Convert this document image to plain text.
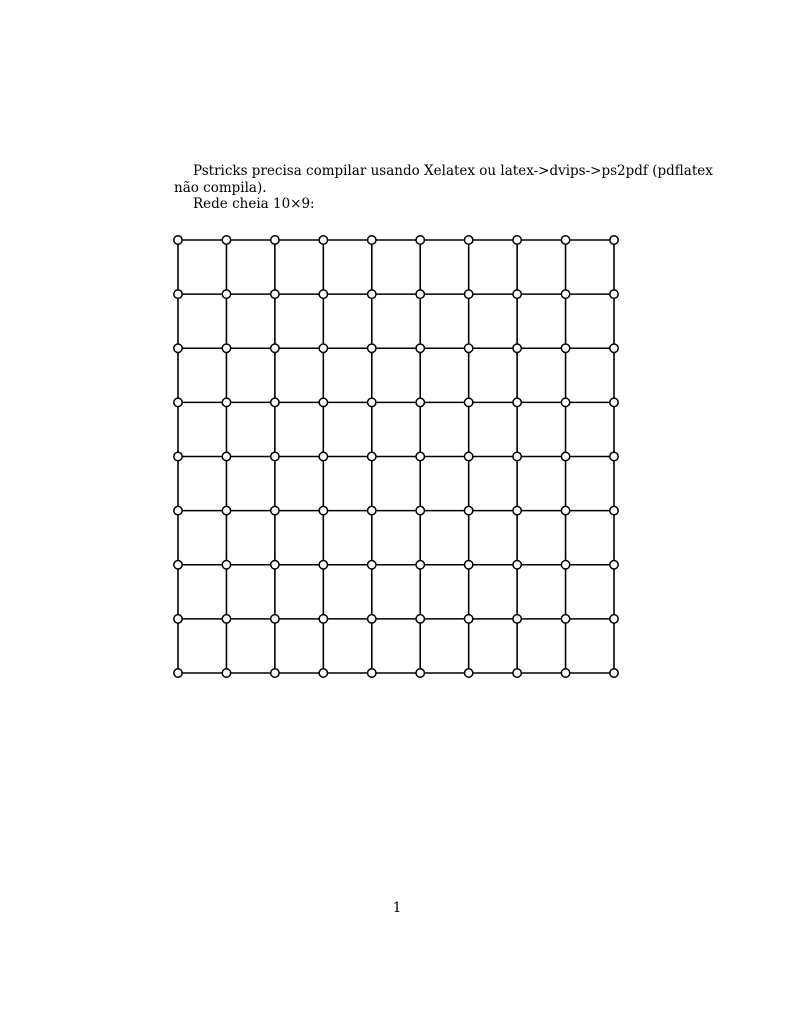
Pstricks precisa compilar usando Xelatex ou latex->dvips->ps2pdf (pdflatex
não compila).
Rede cheia 10×9:
1
